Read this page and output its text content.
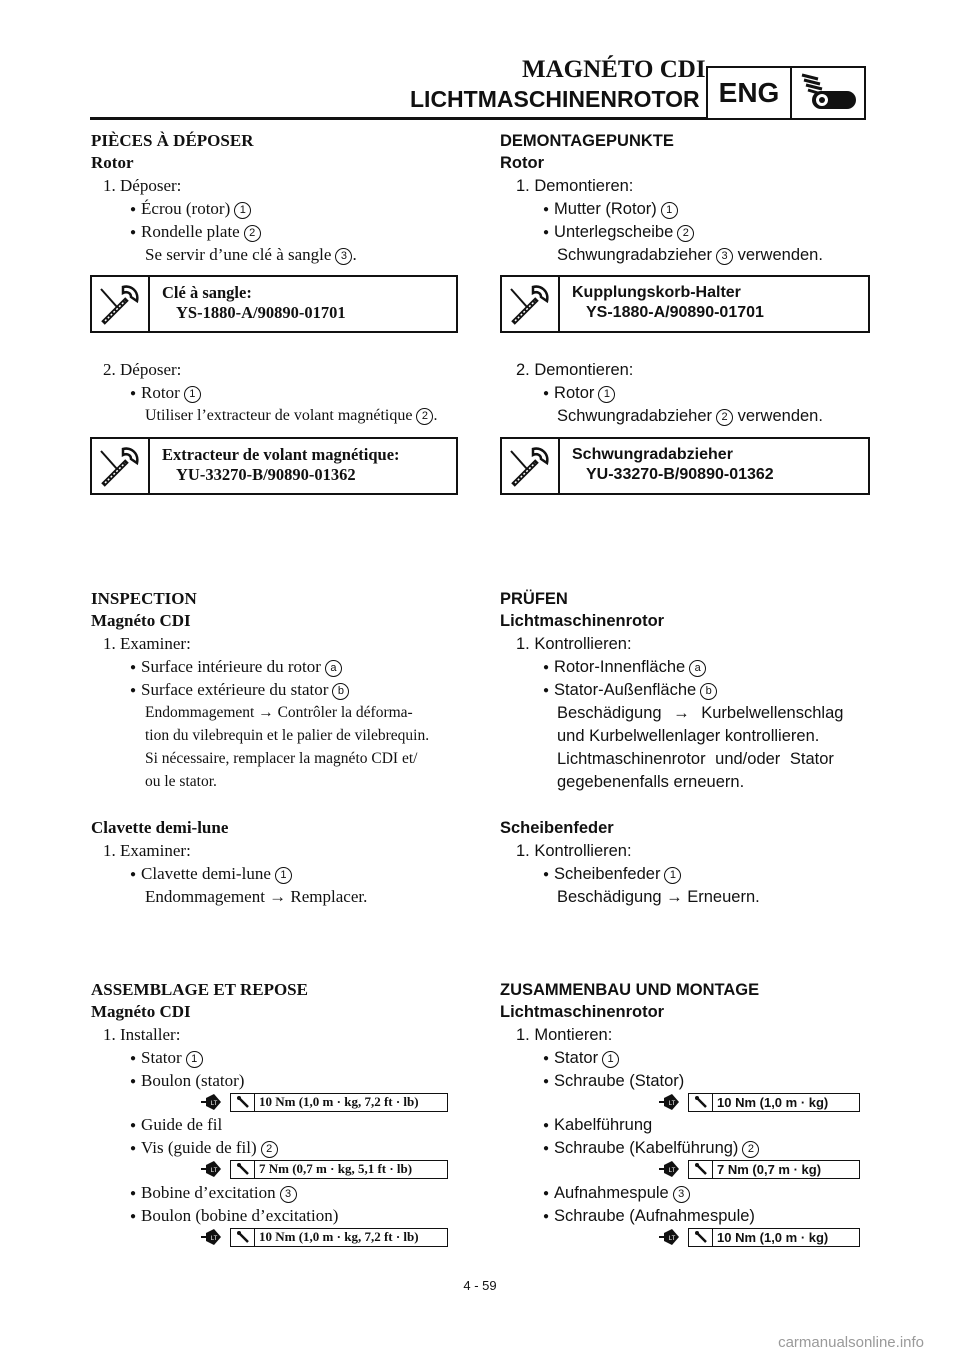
MAGNÉTO CDI
LICHTMASCHINENROTOR ENG
PIÈCES À DÉPOSER
Rotor
1. Déposer:
● Écrou (rotor) 1
● Rondelle plate 2
Se servir d’une clé à sangle 3 .
Clé à sangle:
YS-1880-A/90890-01701
2. Déposer:
● Rotor 1
Utiliser l’extracteur de volant magnétique 2 .
Extracteur de volant magnétique:
YU-33270-B/90890-01362
INSPECTION
Magnéto CDI
1. Examiner:
● Surface intérieure du rotor a
● Surface extérieure du stator b
Endommagement → Contrôler la déforma-
tion du vilebrequin et le palier de vilebrequin.
Si nécessaire, remplacer la magnéto CDI et/
ou le stator.
Clavette demi-lune
1. Examiner:
● Clavette demi-lune 1
Endommagement → Remplacer.
ASSEMBLAGE ET REPOSE
Magnéto CDI
1. Installer:
● Stator 1
● Boulon (stator)
LT	10 Nm (1,0 m · kg, 7,2 ft · lb)
● Guide de fil
● Vis (guide de fil) 2
LT	7 Nm (0,7 m · kg, 5,1 ft · lb)
● Bobine d’excitation 3
● Boulon (bobine d’excitation)
LT	10 Nm (1,0 m · kg, 7,2 ft · lb)
DEMONTAGEPUNKTE
Rotor
1. Demontieren:
● Mutter (Rotor) 1
● Unterlegscheibe 2
Schwungradabzieher 3 verwenden.
Kupplungskorb-Halter
YS-1880-A/90890-01701
2. Demontieren:
● Rotor 1
Schwungradabzieher 2 verwenden.
Schwungradabzieher
YU-33270-B/90890-01362
PRÜFEN
Lichtmaschinenrotor
1. Kontrollieren:
● Rotor-Innenfläche a
● Stator-Außenfläche b
Beschädigung → Kurbelwellenschlag
und Kurbelwellenlager kontrollieren.
Lichtmaschinenrotor und/oder Stator
gegebenenfalls erneuern.
Scheibenfeder
1. Kontrollieren:
● Scheibenfeder 1
Beschädigung → Erneuern.
ZUSAMMENBAU UND MONTAGE
Lichtmaschinenrotor
1. Montieren:
● Stator 1
● Schraube (Stator)
LT	10 Nm (1,0 m · kg)
● Kabelführung
● Schraube (Kabelführung) 2
LT	7 Nm (0,7 m · kg)
● Aufnahmespule 3
● Schraube (Aufnahmespule)
LT	10 Nm (1,0 m · kg)
4 - 59
carmanualsonline.info
